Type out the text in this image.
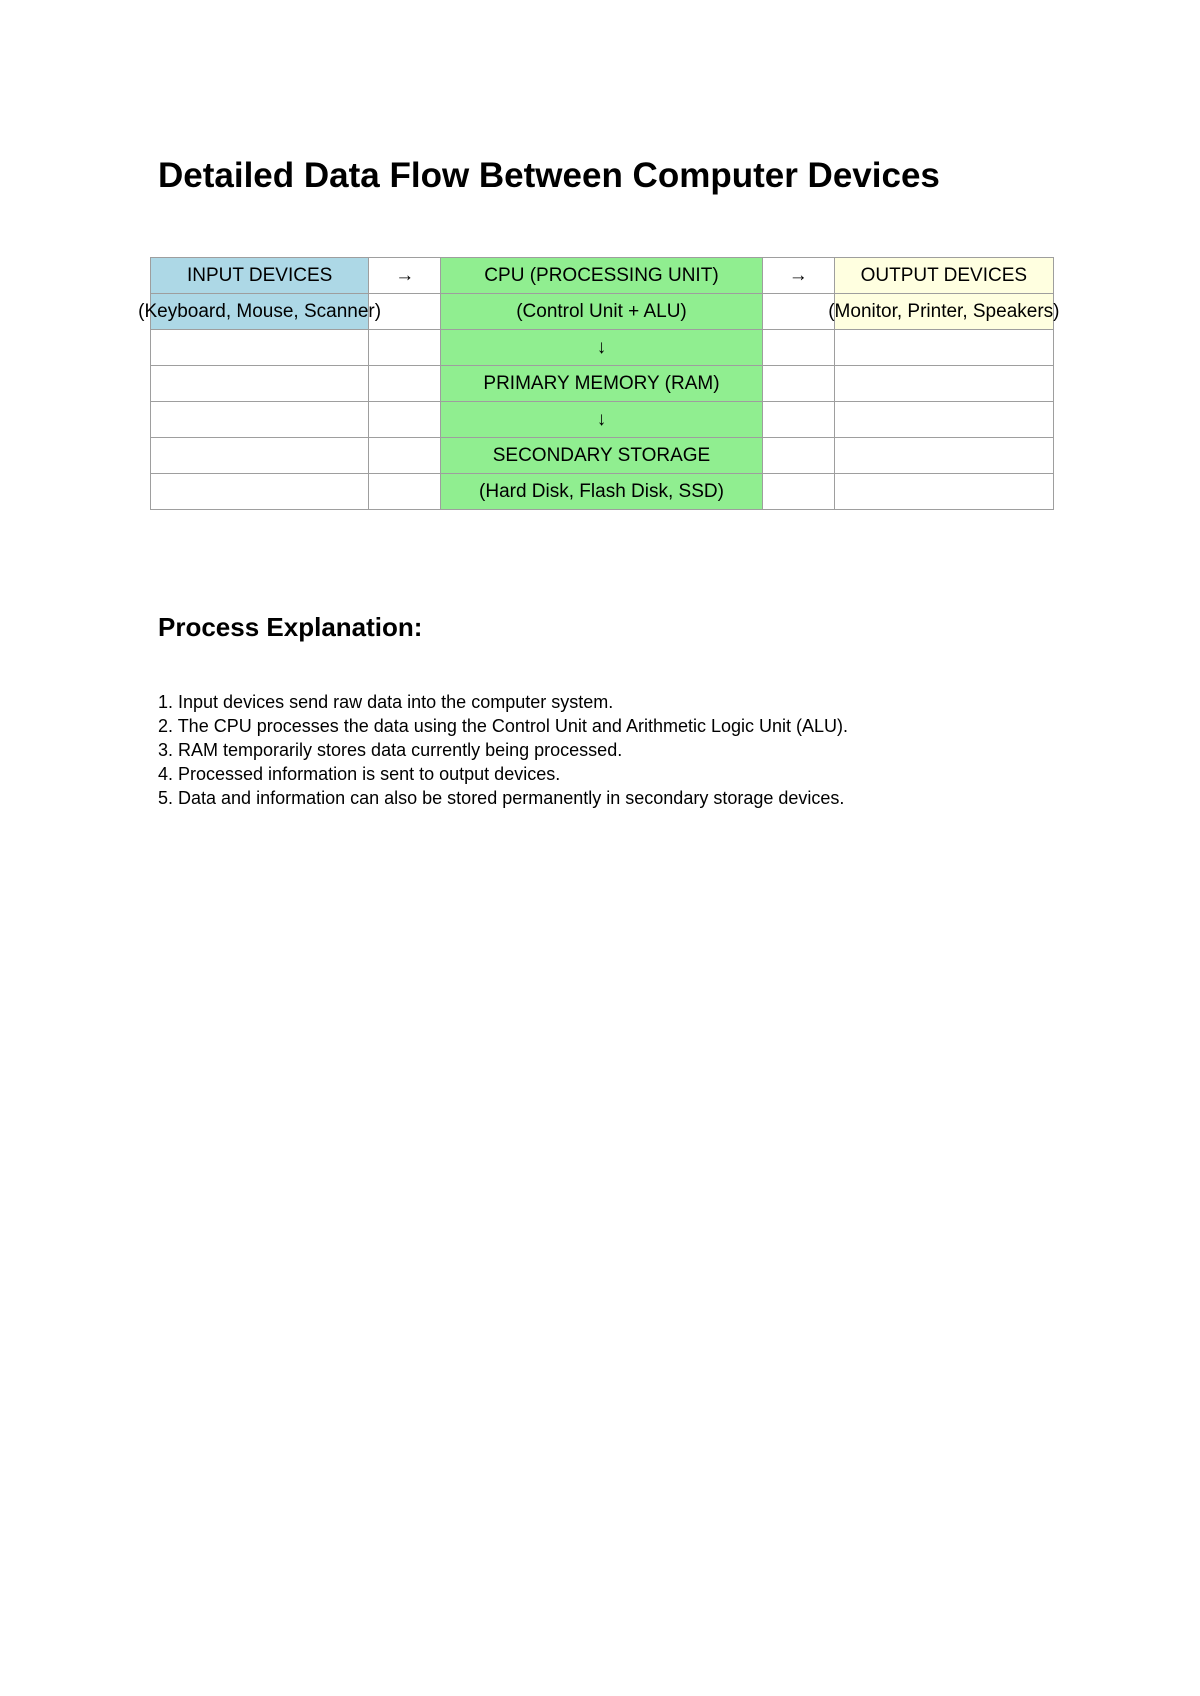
Detailed Data Flow Between Computer Devices
INPUT DEVICES	→	CPU (PROCESSING UNIT)	→	OUTPUT DEVICES

(Keyboard, Mouse, Scanner)		(Control Unit + ALU)		(Monitor, Printer, Speakers)

		↓		
		PRIMARY MEMORY (RAM)		
		↓		
		SECONDARY STORAGE		
		(Hard Disk, Flash Disk, SSD)		
Process Explanation:
1. Input devices send raw data into the computer system.
2. The CPU processes the data using the Control Unit and Arithmetic Logic Unit (ALU).
3. RAM temporarily stores data currently being processed.
4. Processed information is sent to output devices.
5. Data and information can also be stored permanently in secondary storage devices.
